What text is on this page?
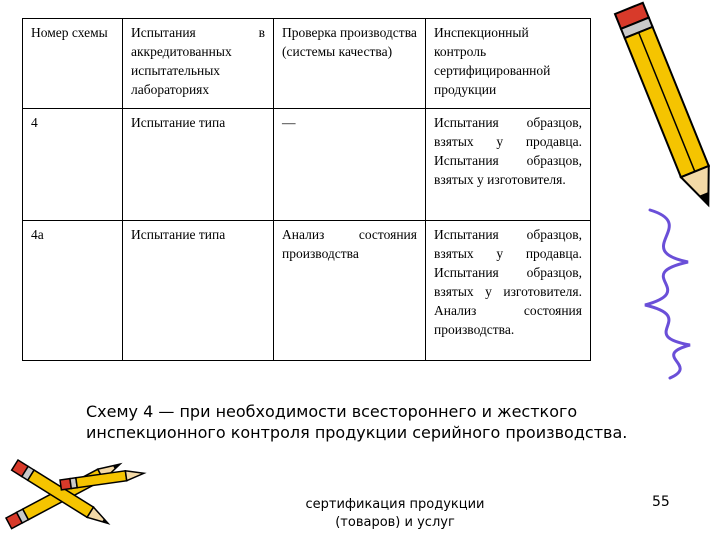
Номер схемы	Испытания в аккредитованных испытательных лабораториях	Проверка производства (системы качества)	Инспекционный контроль сертифицированной продукции
4	Испытание типа	—	Испытания образцов, взятых у продавца. Испытания образцов, взятых у изготовителя.
4а	Испытание типа	Анализ состояния производства	Испытания образцов, взятых у продавца. Испытания образцов, взятых у изготовителя. Анализ состояния производства.
Схему 4 — при необходимости всестороннего и жесткого инспекционного контроля продукции серийного производства.
сертификация продукции (товаров) и услуг
55
